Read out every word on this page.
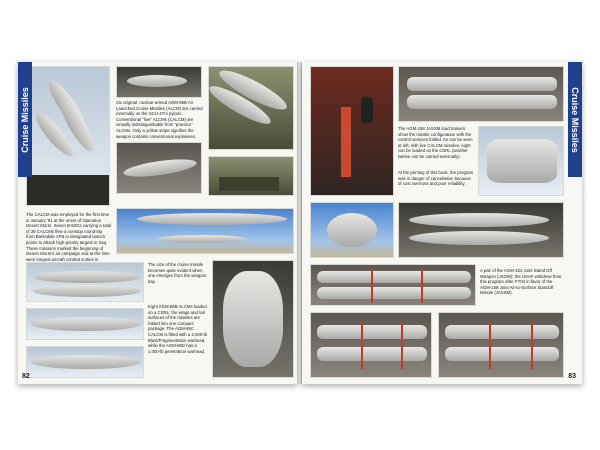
Six original, nuclear-armed AGM-86B Air Launched Cruise Missiles (ALCM) are carried externally on the SCU-47/A pylons. Conventional "live" ALCMs (CALCM) are virtually indistinguishable from "practice" ALCMs. Only a yellow stripe signifies the weapon contains conventional explosives.
The CALCM was employed for the first time in January '91 at the onset of Operation Desert Storm. Seven B-52Gs carrying a total of 39 CALCMs flew a nonstop round-trip from Barksdale AFB to designated launch points to attack high-priority targets in Iraq. These missions marked the beginning of Desert Storm's air campaign and at the time were longest aircraft combat sorties in
The size of the cruise missile becomes quite evident when one emerges from the weapon bay.
Eight AGM-86B ALCMs loaded on a CSRL; the wings and tail surfaces of the missiles are folded into one compact package. The AGM-86C CALCM is fitted with a 2,000-lb Blast/Fragmentation warhead, while the AGM-86D has a 1,000-lb penetration warhead.
82
The AGM-158 JASSM load trainers show the missile configuration with the control services folded. As can be seen at left, with live CALCM missiles, eight can be loaded on the CSRL (another twelve can be carried externally).
At the printing of this book, the program was in danger of cancellation because of cost overruns and poor reliability.
A pair of the AGM-154 Joint Stand Off Weapon (JSOW); the USAF withdrew from this program after FY04 in favor of the AGM-158 Joint Air-to-Surface Standoff Missile (JASSM).
83
Cruise Missiles	Cruise Missiles
